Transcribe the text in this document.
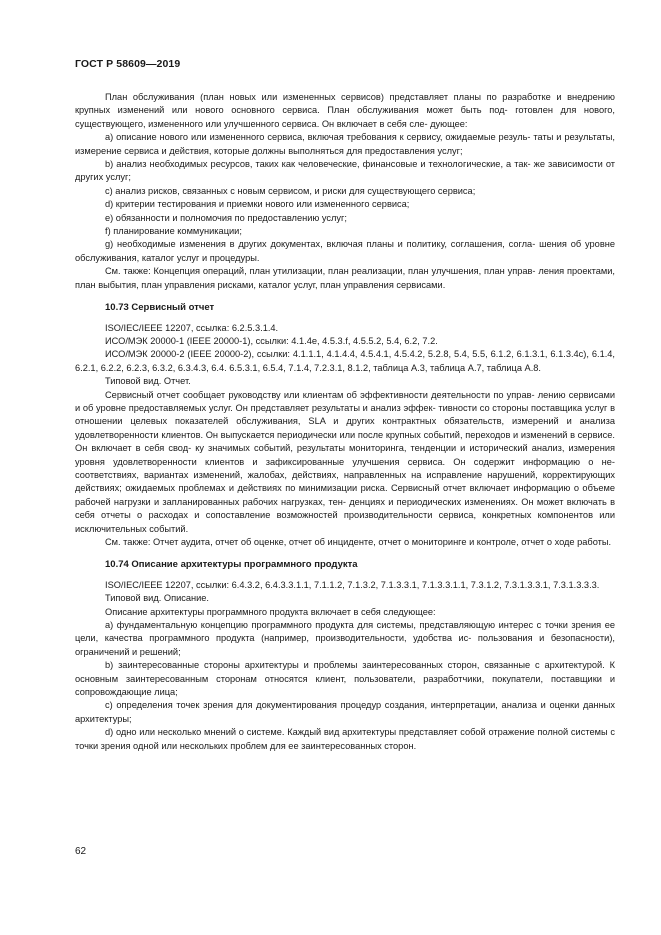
ГОСТ Р 58609—2019

План обслуживания (план новых или измененных сервисов) представляет планы по разработке и внедрению крупных изменений или нового основного сервиса. План обслуживания может быть под- готовлен для нового, существующего, измененного или улучшенного сервиса. Он включает в себя сле- дующее:

a) описание нового или измененного сервиса, включая требования к сервису, ожидаемые резуль- таты и результаты, измерение сервиса и действия, которые должны выполняться для предоставления услуг;

b) анализ необходимых ресурсов, таких как человеческие, финансовые и технологические, а так- же зависимости от других услуг;

c) анализ рисков, связанных с новым сервисом, и риски для существующего сервиса;

d) критерии тестирования и приемки нового или измененного сервиса;

e) обязанности и полномочия по предоставлению услуг;

f) планирование коммуникации;

g) необходимые изменения в других документах, включая планы и политику, соглашения, согла- шения об уровне обслуживания, каталог услуг и процедуры.

См. также: Концепция операций, план утилизации, план реализации, план улучшения, план управ- ления проектами, план выбытия, план управления рисками, каталог услуг, план управления сервисами.

10.73 Сервисный отчет

ISO/IEC/IEEE 12207, ссылка: 6.2.5.3.1.4.

ИСО/МЭК 20000-1 (IEEE 20000-1), ссылки: 4.1.4e, 4.5.3.f, 4.5.5.2, 5.4, 6.2, 7.2.

ИСО/МЭК 20000-2 (IEEE 20000-2), ссылки: 4.1.1.1, 4.1.4.4, 4.5.4.1, 4.5.4.2, 5.2.8, 5.4, 5.5, 6.1.2, 6.1.3.1, 6.1.3.4c), 6.1.4, 6.2.1, 6.2.2, 6.2.3, 6.3.2, 6.3.4.3, 6.4. 6.5.3.1, 6.5.4, 7.1.4, 7.2.3.1, 8.1.2, таблица А.3, таблица А.7, таблица А.8.

Типовой вид. Отчет.

Сервисный отчет сообщает руководству или клиентам об эффективности деятельности по управ- лению сервисами и об уровне предоставляемых услуг. Он представляет результаты и анализ эффек- тивности со стороны поставщика услуг в отношении целевых показателей обслуживания, SLA и других контрактных обязательств, измерений и анализа удовлетворенности клиентов. Он выпускается периодически или после крупных событий, переходов и изменений в сервисе. Он включает в себя свод- ку значимых событий, результаты мониторинга, тенденции и исторический анализ, измерения уровня удовлетворенности клиентов и зафиксированные улучшения сервиса. Он содержит информацию о не- соответствиях, вариантах изменений, жалобах, действиях, направленных на исправление нарушений, корректирующих действиях; ожидаемых проблемах и действиях по минимизации риска. Сервисный отчет включает информацию о объеме рабочей нагрузки и запланированных рабочих нагрузках, тен- денциях и периодических изменениях. Он может включать в себя отчеты о расходах и сопоставление возможностей производительности сервиса, конкретных компонентов или исключительных событий.

См. также: Отчет аудита, отчет об оценке, отчет об инциденте, отчет о мониторинге и контроле, отчет о ходе работы.

10.74 Описание архитектуры программного продукта

ISO/IEC/IEEE 12207, ссылки: 6.4.3.2, 6.4.3.3.1.1, 7.1.1.2, 7.1.3.2, 7.1.3.3.1, 7.1.3.3.1.1, 7.3.1.2, 7.3.1.3.3.1, 7.3.1.3.3.3.

Типовой вид. Описание.

Описание архитектуры программного продукта включает в себя следующее:

a) фундаментальную концепцию программного продукта для системы, представляющую интерес с точки зрения ее цели, качества программного продукта (например, производительности, удобства ис- пользования и безопасности), ограничений и решений;

b) заинтересованные стороны архитектуры и проблемы заинтересованных сторон, связанные с архитектурой. К основным заинтересованным сторонам относятся клиент, пользователи, разработчики, покупатели, поставщики и сопровождающие лица;

c) определения точек зрения для документирования процедур создания, интерпретации, анализа и оценки данных архитектуры;

d) одно или несколько мнений о системе. Каждый вид архитектуры представляет собой отражение полной системы с точки зрения одной или нескольких проблем для ее заинтересованных сторон.

62
